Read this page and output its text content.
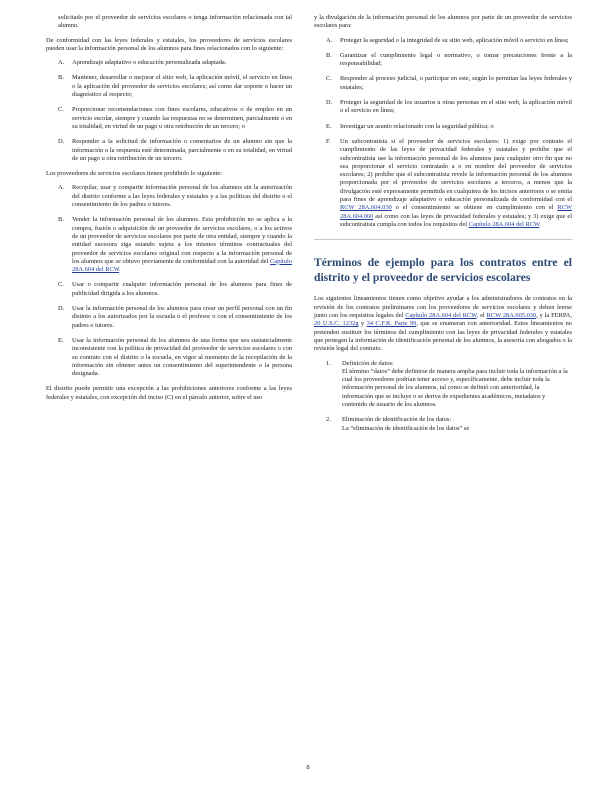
solicitado por el proveedor de servicios escolares o tenga información relacionada con tal alumno.

De conformidad con las leyes federales y estatales, los proveedores de servicios escolares pueden usar la información personal de los alumnos para fines relacionados con lo siguiente:

A. Aprendizaje adaptativo o educación personalizada adaptada.
B. Mantener, desarrollar o mejorar el sitio web, la aplicación móvil, el servicio en línea o la aplicación del proveedor de servicios escolares; así como dar soporte o hacer un diagnóstico al respecto;
C. Proporcionar recomendaciones con fines escolares, educativos o de empleo en un servicio escolar, siempre y cuando las respuestas no se determinen, parcialmente o en su totalidad, en virtud de un pago u otra retribución de un tercero; o
D. Responder a la solicitud de información o comentarios de un alumno sin que la información o la respuesta esté determinada, parcialmente o en su totalidad, en virtud de un pago u otra retribución de un tercero.

Los proveedores de servicios escolares tienen prohibido lo siguiente:

A. Recopilar, usar y compartir información personal de los alumnos sin la autorización del distrito conforme a las leyes federales y estatales y a las políticas del distrito o el consentimiento de los padres o tutores.
B. Vender la información personal de los alumnos. Esta prohibición no se aplica a la compra, fusión o adquisición de un proveedor de servicios escolares, o a los activos de un proveedor de servicios escolares por parte de otra entidad, siempre y cuando la entidad sucesora siga estando sujeta a los mismos términos contractuales del proveedor de servicios escolares original con respecto a la información personal de los alumnos que se obtuvo previamente de conformidad con la autoridad del Capítulo 28A.604 del RCW.
C. Usar o compartir cualquier información personal de los alumnos para fines de publicidad dirigida a los alumnos.
D. Usar la información personal de los alumnos para crear un perfil personal con un fin distinto a los autorizados por la escuela o el profesor o con el consentimiento de los padres o tutores.
E. Usar la información personal de los alumnos de una forma que sea sustancialmente inconsistente con la política de privacidad del proveedor de servicios escolares o con su contrato con el distrito o la escuela, en vigor al momento de la recopilación de la información sin obtener antes un consentimiento del superintendente o la persona designada.

El distrito puede permitir una excepción a las prohibiciones anteriores conforme a las leyes federales y estatales, con excepción del inciso (C) en el párrafo anterior, sobre el uso

y la divulgación de la información personal de los alumnos por parte de un proveedor de servicios escolares para:

A. Proteger la seguridad o la integridad de su sitio web, aplicación móvil o servicio en línea;
B. Garantizar el cumplimiento legal o normativo, o tomar precauciones frente a la responsabilidad;
C. Responder al proceso judicial, o participar en este, según lo permitan las leyes federales y estatales;
D. Proteger la seguridad de los usuarios u otras personas en el sitio web, la aplicación móvil o el servicio en línea;
E. Investigar un asunto relacionado con la seguridad pública; o
F. Un subcontratista si el proveedor de servicios escolares: 1) exige por contrato el cumplimiento de las leyes de privacidad federales y estatales y prohíbe que el subcontratista use la información personal de los alumnos para cualquier otro fin que no sea proporcionar el servicio contratado a o en nombre del proveedor de servicios escolares; 2) prohíbe que el subcontratista revele la información personal de los alumnos proporcionada por el proveedor de servicios escolares a terceros, a menos que la divulgación esté expresamente permitida en cualquiera de los incisos anteriores o se emita para fines de aprendizaje adaptativo o educación personalizada de conformidad con el RCW 28A.604.030 o el consentimiento se obtiene en cumplimiento con el RCW 28A.604.060 así como con las leyes de privacidad federales y estatales; y 3) exige que el subcontratista cumpla con todos los requisitos del Capítulo 28A.604 del RCW.
Términos de ejemplo para los contratos entre el distrito y el proveedor de servicios escolares

Los siguientes lineamientos tienen como objetivo ayudar a los administradores de contratos en la revisión de los contratos preliminares con los proveedores de servicios escolares y deben leerse junto con los requisitos legales del Capítulo 28A.604 del RCW, el RCW 28A.605.030, y la FERPA, 20 U.S.C. 1232g y 34 C.F.R. Parte 99, que se enumeran con anterioridad. Estos lineamientos no pretenden sustituir los términos del cumplimiento con las leyes de privacidad federales y estatales que protegen la información de identificación personal de los alumnos, la asesoría con abogados o la revisión legal del contrato.

1. Definición de datos:
El término “datos” debe definirse de manera amplia para incluir toda la información a la cual los proveedores podrían tener acceso y, específicamente, debe incluir toda la información personal de los alumnos, tal como se definió con anterioridad, la información que se incluye o se deriva de expedientes académicos, metadatos y contenido de usuario de los alumnos.
2. Eliminación de identificación de los datos:
La “eliminación de identificación de los datos” se
8
